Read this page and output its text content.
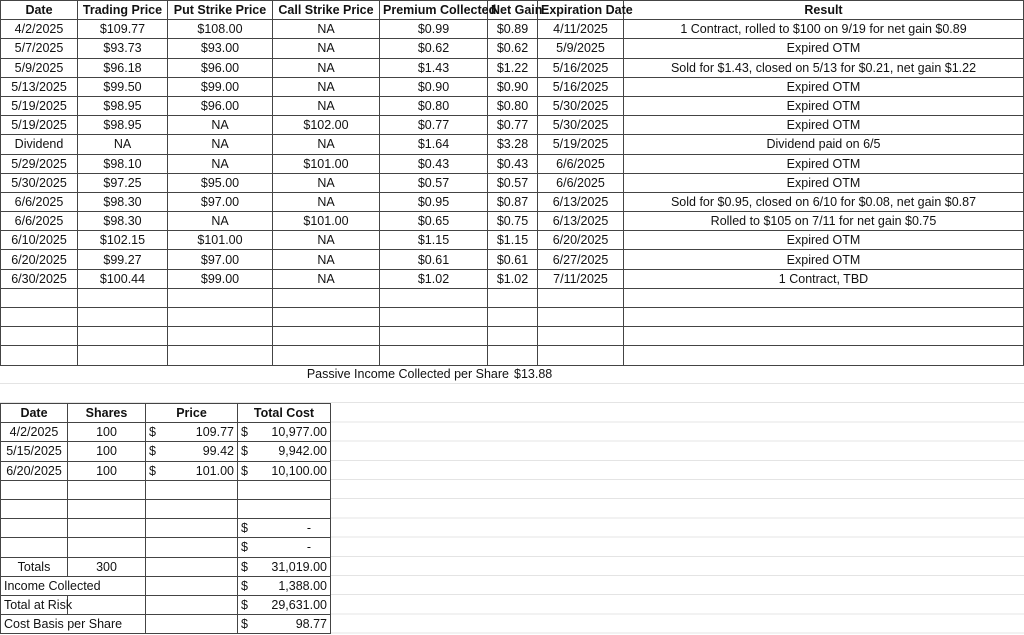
Date	Trading Price	Put Strike Price	Call Strike Price	Premium Collected	Net Gain	Expiration Date	Result
4/2/2025	$109.77	$108.00	NA	$0.99	$0.89	4/11/2025	1 Contract, rolled to $100 on 9/19 for net gain $0.89
5/7/2025	$93.73	$93.00	NA	$0.62	$0.62	5/9/2025	Expired OTM
5/9/2025	$96.18	$96.00	NA	$1.43	$1.22	5/16/2025	Sold for $1.43, closed on 5/13 for $0.21, net gain $1.22
5/13/2025	$99.50	$99.00	NA	$0.90	$0.90	5/16/2025	Expired OTM
5/19/2025	$98.95	$96.00	NA	$0.80	$0.80	5/30/2025	Expired OTM
5/19/2025	$98.95	NA	$102.00	$0.77	$0.77	5/30/2025	Expired OTM
Dividend	NA	NA	NA	$1.64	$3.28	5/19/2025	Dividend paid on 6/5
5/29/2025	$98.10	NA	$101.00	$0.43	$0.43	6/6/2025	Expired OTM
5/30/2025	$97.25	$95.00	NA	$0.57	$0.57	6/6/2025	Expired OTM
6/6/2025	$98.30	$97.00	NA	$0.95	$0.87	6/13/2025	Sold for $0.95, closed on 6/10 for $0.08, net gain $0.87
6/6/2025	$98.30	NA	$101.00	$0.65	$0.75	6/13/2025	Rolled to $105 on 7/11 for net gain $0.75
6/10/2025	$102.15	$101.00	NA	$1.15	$1.15	6/20/2025	Expired OTM
6/20/2025	$99.27	$97.00	NA	$0.61	$0.61	6/27/2025	Expired OTM
6/30/2025	$100.44	$99.00	NA	$1.02	$1.02	7/11/2025	1 Contract, TBD

Passive Income Collected per Share $13.88
Date	Shares	Price	Total Cost
4/2/2025	100	$ 109.77	$ 10,977.00

5/15/2025	100	$ 99.42	$ 9,942.00

6/20/2025	100	$ 101.00	$ 10,100.00

			$ -

			$ -

Totals	300		$ 31,019.00

Income Collected			$ 1,388.00

Total at Risk			$ 29,631.00

Cost Basis per Share			$ 98.77
